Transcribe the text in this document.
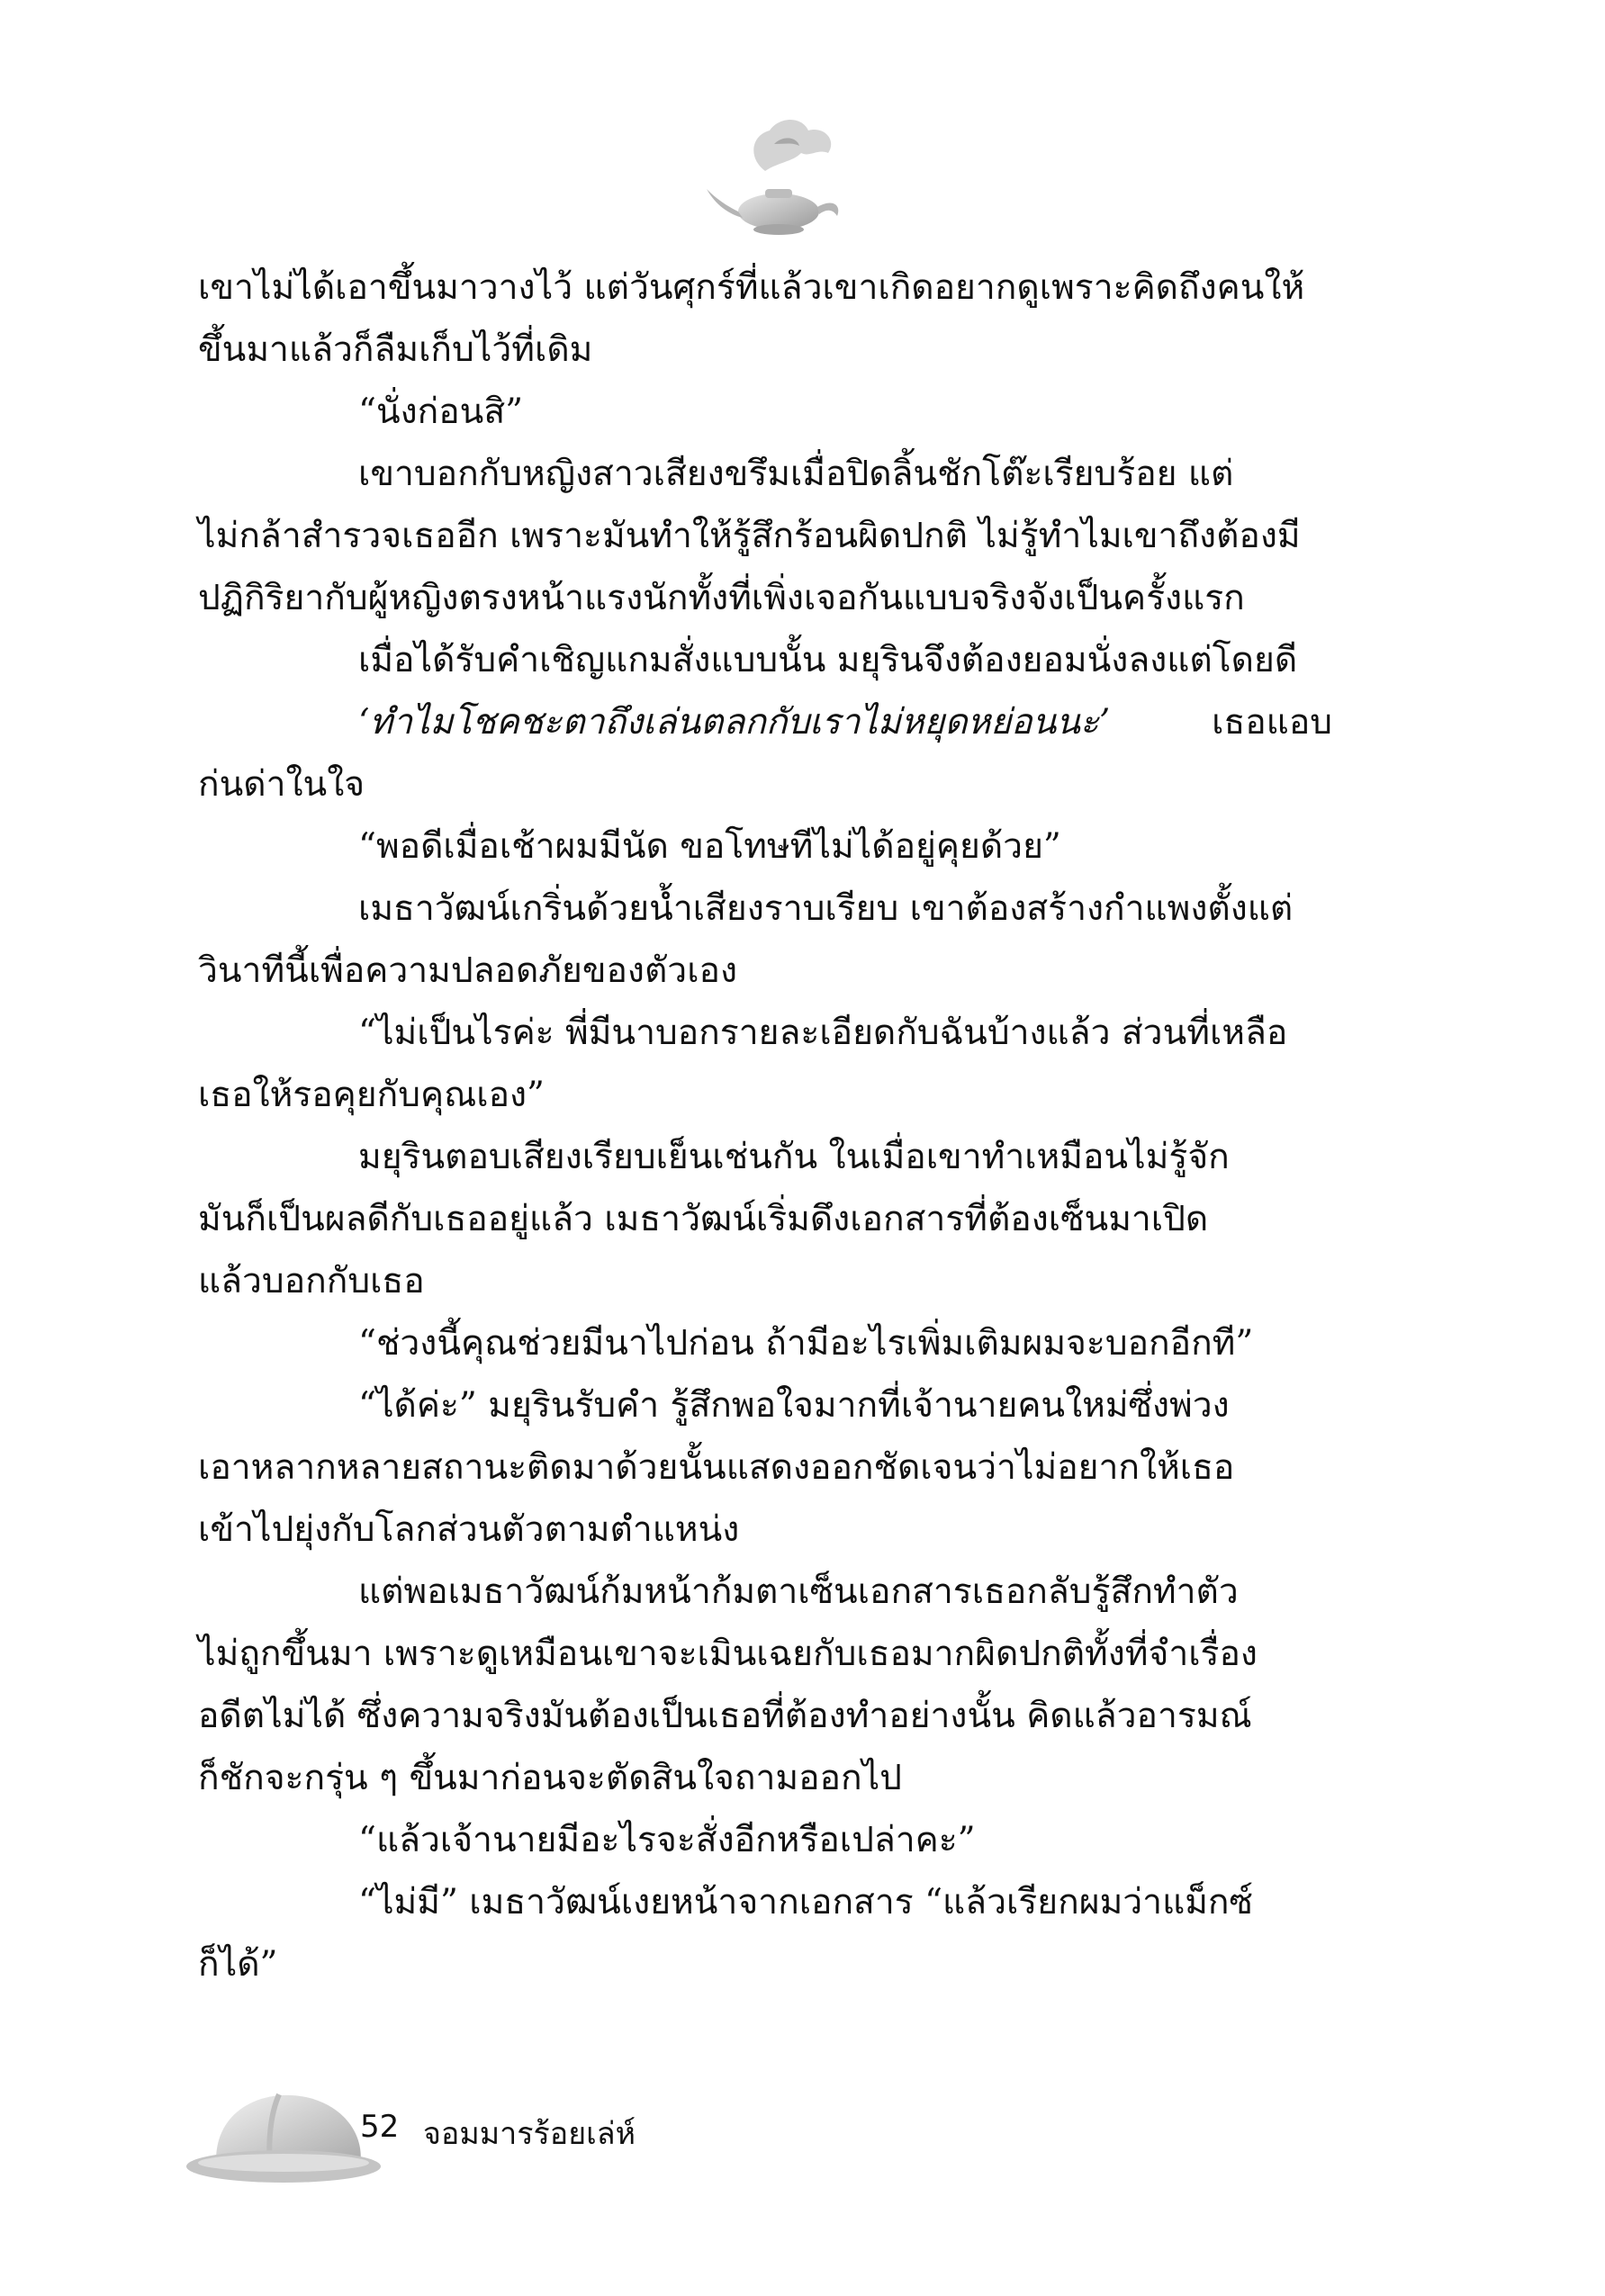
เขาไม่ได้เอาขึ้นมาวางไว้ แต่วันศุกร์ที่แล้วเขาเกิดอยากดูเพราะคิดถึงคนให้
ขึ้นมาแล้วก็ลืมเก็บไว้ที่เดิม
“นั่งก่อนสิ”
เขาบอกกับหญิงสาวเสียงขรึมเมื่อปิดลิ้นชักโต๊ะเรียบร้อย แต่
ไม่กล้าสำรวจเธออีก เพราะมันทำให้รู้สึกร้อนผิดปกติ ไม่รู้ทำไมเขาถึงต้องมี
ปฏิกิริยากับผู้หญิงตรงหน้าแรงนักทั้งที่เพิ่งเจอกันแบบจริงจังเป็นครั้งแรก
เมื่อได้รับคำเชิญแกมสั่งแบบนั้น มยุรินจึงต้องยอมนั่งลงแต่โดยดี
‘ทำไมโชคชะตาถึงเล่นตลกกับเราไม่หยุดหย่อนนะ’	เธอแอบ
ก่นด่าในใจ
“พอดีเมื่อเช้าผมมีนัด ขอโทษทีไม่ได้อยู่คุยด้วย”
เมธาวัฒน์เกริ่นด้วยน้ำเสียงราบเรียบ เขาต้องสร้างกำแพงตั้งแต่
วินาทีนี้เพื่อความปลอดภัยของตัวเอง
“ไม่เป็นไรค่ะ พี่มีนาบอกรายละเอียดกับฉันบ้างแล้ว ส่วนที่เหลือ
เธอให้รอคุยกับคุณเอง”
มยุรินตอบเสียงเรียบเย็นเช่นกัน ในเมื่อเขาทำเหมือนไม่รู้จัก
มันก็เป็นผลดีกับเธออยู่แล้ว เมธาวัฒน์เริ่มดึงเอกสารที่ต้องเซ็นมาเปิด
แล้วบอกกับเธอ
“ช่วงนี้คุณช่วยมีนาไปก่อน ถ้ามีอะไรเพิ่มเติมผมจะบอกอีกที”
“ได้ค่ะ” มยุรินรับคำ รู้สึกพอใจมากที่เจ้านายคนใหม่ซึ่งพ่วง
เอาหลากหลายสถานะติดมาด้วยนั้นแสดงออกชัดเจนว่าไม่อยากให้เธอ
เข้าไปยุ่งกับโลกส่วนตัวตามตำแหน่ง
แต่พอเมธาวัฒน์ก้มหน้าก้มตาเซ็นเอกสารเธอกลับรู้สึกทำตัว
ไม่ถูกขึ้นมา เพราะดูเหมือนเขาจะเมินเฉยกับเธอมากผิดปกติทั้งที่จำเรื่อง
อดีตไม่ได้ ซึ่งความจริงมันต้องเป็นเธอที่ต้องทำอย่างนั้น คิดแล้วอารมณ์
ก็ชักจะกรุ่น ๆ ขึ้นมาก่อนจะตัดสินใจถามออกไป
“แล้วเจ้านายมีอะไรจะสั่งอีกหรือเปล่าคะ”
“ไม่มี” เมธาวัฒน์เงยหน้าจากเอกสาร “แล้วเรียกผมว่าแม็กซ์
ก็ได้”
52 จอมมารร้อยเล่ห์
